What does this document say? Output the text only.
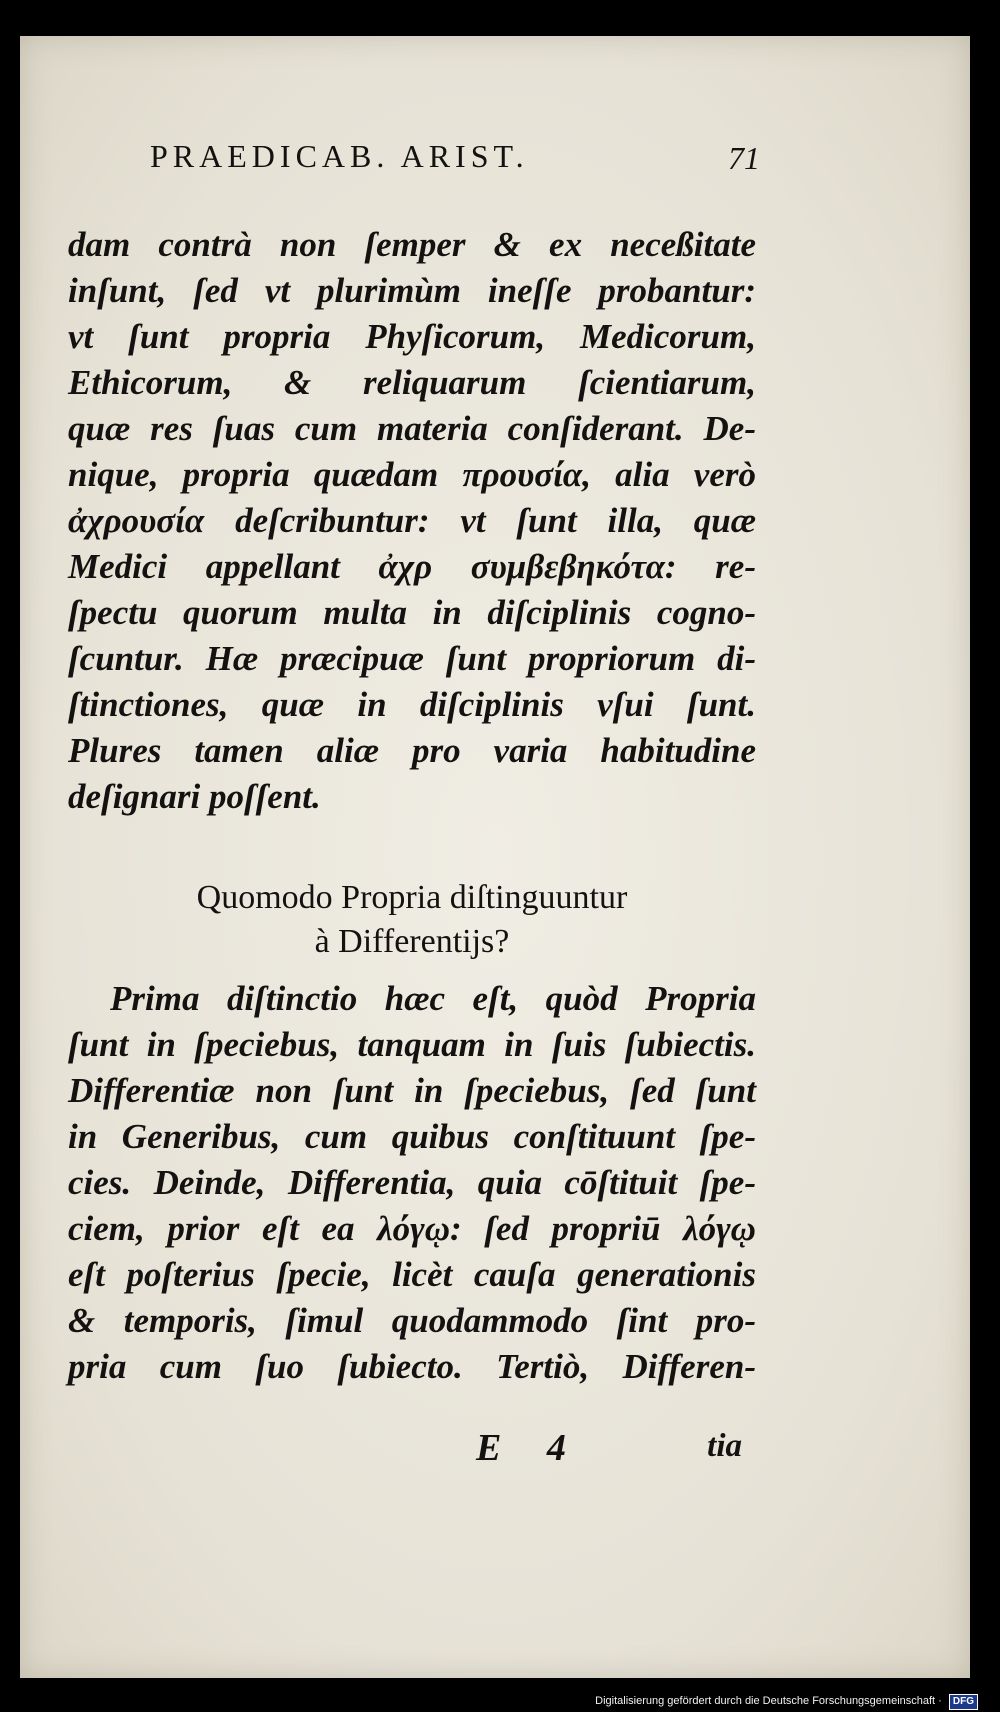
PRAEDICAB. ARIST.	71
dam contrà non ſemper & ex neceßitate
inſunt, ſed vt plurimùm ineſſe probantur:
vt ſunt propria Phyſicorum, Medicorum,
Ethicorum, & reliquarum ſcientiarum,
quæ res ſuas cum materia conſiderant. De-
nique, propria quædam προυσία, alia verò
ἀχρουσία deſcribuntur: vt ſunt illa, quæ
Medici appellant ἀχρ συμβεβηκότα: re-
ſpectu quorum multa in diſciplinis cogno-
ſcuntur. Hæ præcipuæ ſunt propriorum di-
ſtinctiones, quæ in diſciplinis vſui ſunt.
Plures tamen aliæ pro varia habitudine
deſignari poſſent.
Quomodo Propria diſtinguuntur
à Differentijs?
Prima diſtinctio hæc eſt, quòd Propria
ſunt in ſpeciebus, tanquam in ſuis ſubiectis.
Differentiæ non ſunt in ſpeciebus, ſed ſunt
in Generibus, cum quibus conſtituunt ſpe-
cies. Deinde, Differentia, quia cōſtituit ſpe-
ciem, prior eſt ea λόγῳ: ſed propriū λόγῳ
eſt poſterius ſpecie, licèt cauſa generationis
& temporis, ſimul quodammodo ſint pro-
pria cum ſuo ſubiecto. Tertiò, Differen-
E 4	tia
Digitalisierung gefördert durch die Deutsche Forschungsgemeinschaft · DFG
